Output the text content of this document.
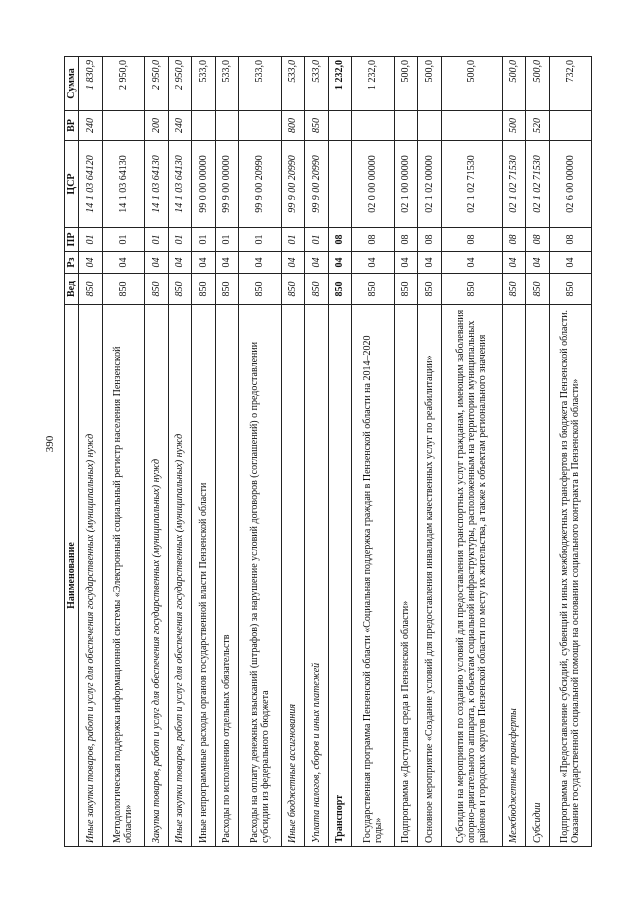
390
Наименование	Вед	Рз	ПР	ЦСР	ВР	Сумма
Иные закупки товаров, работ и услуг для обеспечения государственных (муниципальных) нужд	850	04	01	14 1 03 64120	240	1 830,9
Методологическая поддержка информационной системы «Электронный социальный регистр населения Пензенской области»	850	04	01	14 1 03 64130		2 950,0
Закупка товаров, работ и услуг для обеспечения государственных (муниципальных) нужд	850	04	01	14 1 03 64130	200	2 950,0
Иные закупки товаров, работ и услуг для обеспечения государственных (муниципальных) нужд	850	04	01	14 1 03 64130	240	2 950,0
Иные непрограммные расходы органов государственной власти Пензенской области	850	04	01	99 0 00 00000		533,0
Расходы по исполнению отдельных обязательств	850	04	01	99 9 00 00000		533,0
Расходы на оплату денежных взысканий (штрафов) за нарушение условий договоров (соглашений) о предоставлении субсидии из федерального бюджета	850	04	01	99 9 00 20990		533,0
Иные бюджетные ассигнования	850	04	01	99 9 00 20990	800	533,0
Уплата налогов, сборов и иных платежей	850	04	01	99 9 00 20990	850	533,0
Транспорт	850	04	08			1 232,0
Государственная программа Пензенской области «Социальная поддержка граждан в Пензенской области на 2014–2020 годы»	850	04	08	02 0 00 00000		1 232,0
Подпрограмма «Доступная среда в Пензенской области»	850	04	08	02 1 00 00000		500,0
Основное мероприятие «Создание условий для предоставления инвалидам качественных услуг по реабилитации»	850	04	08	02 1 02 00000		500,0
Субсидии на мероприятия по созданию условий для предоставления транспортных услуг гражданам, имеющим заболевания опорно-двигательного аппарата, к объектам социальной инфраструктуры, расположенным на территории муниципальных районов и городских округов Пензенской области по месту их жительства, а также к объектам регионального значения	850	04	08	02 1 02 71530		500,0
Межбюджетные трансферты	850	04	08	02 1 02 71530	500	500,0
Субсидии	850	04	08	02 1 02 71530	520	500,0
Подпрограмма «Предоставление субсидий, субвенций и иных межбюджетных трансфертов из бюджета Пензенской области. Оказание государственной социальной помощи на основании социального контракта в Пензенской области»	850	04	08	02 6 00 00000		732,0
